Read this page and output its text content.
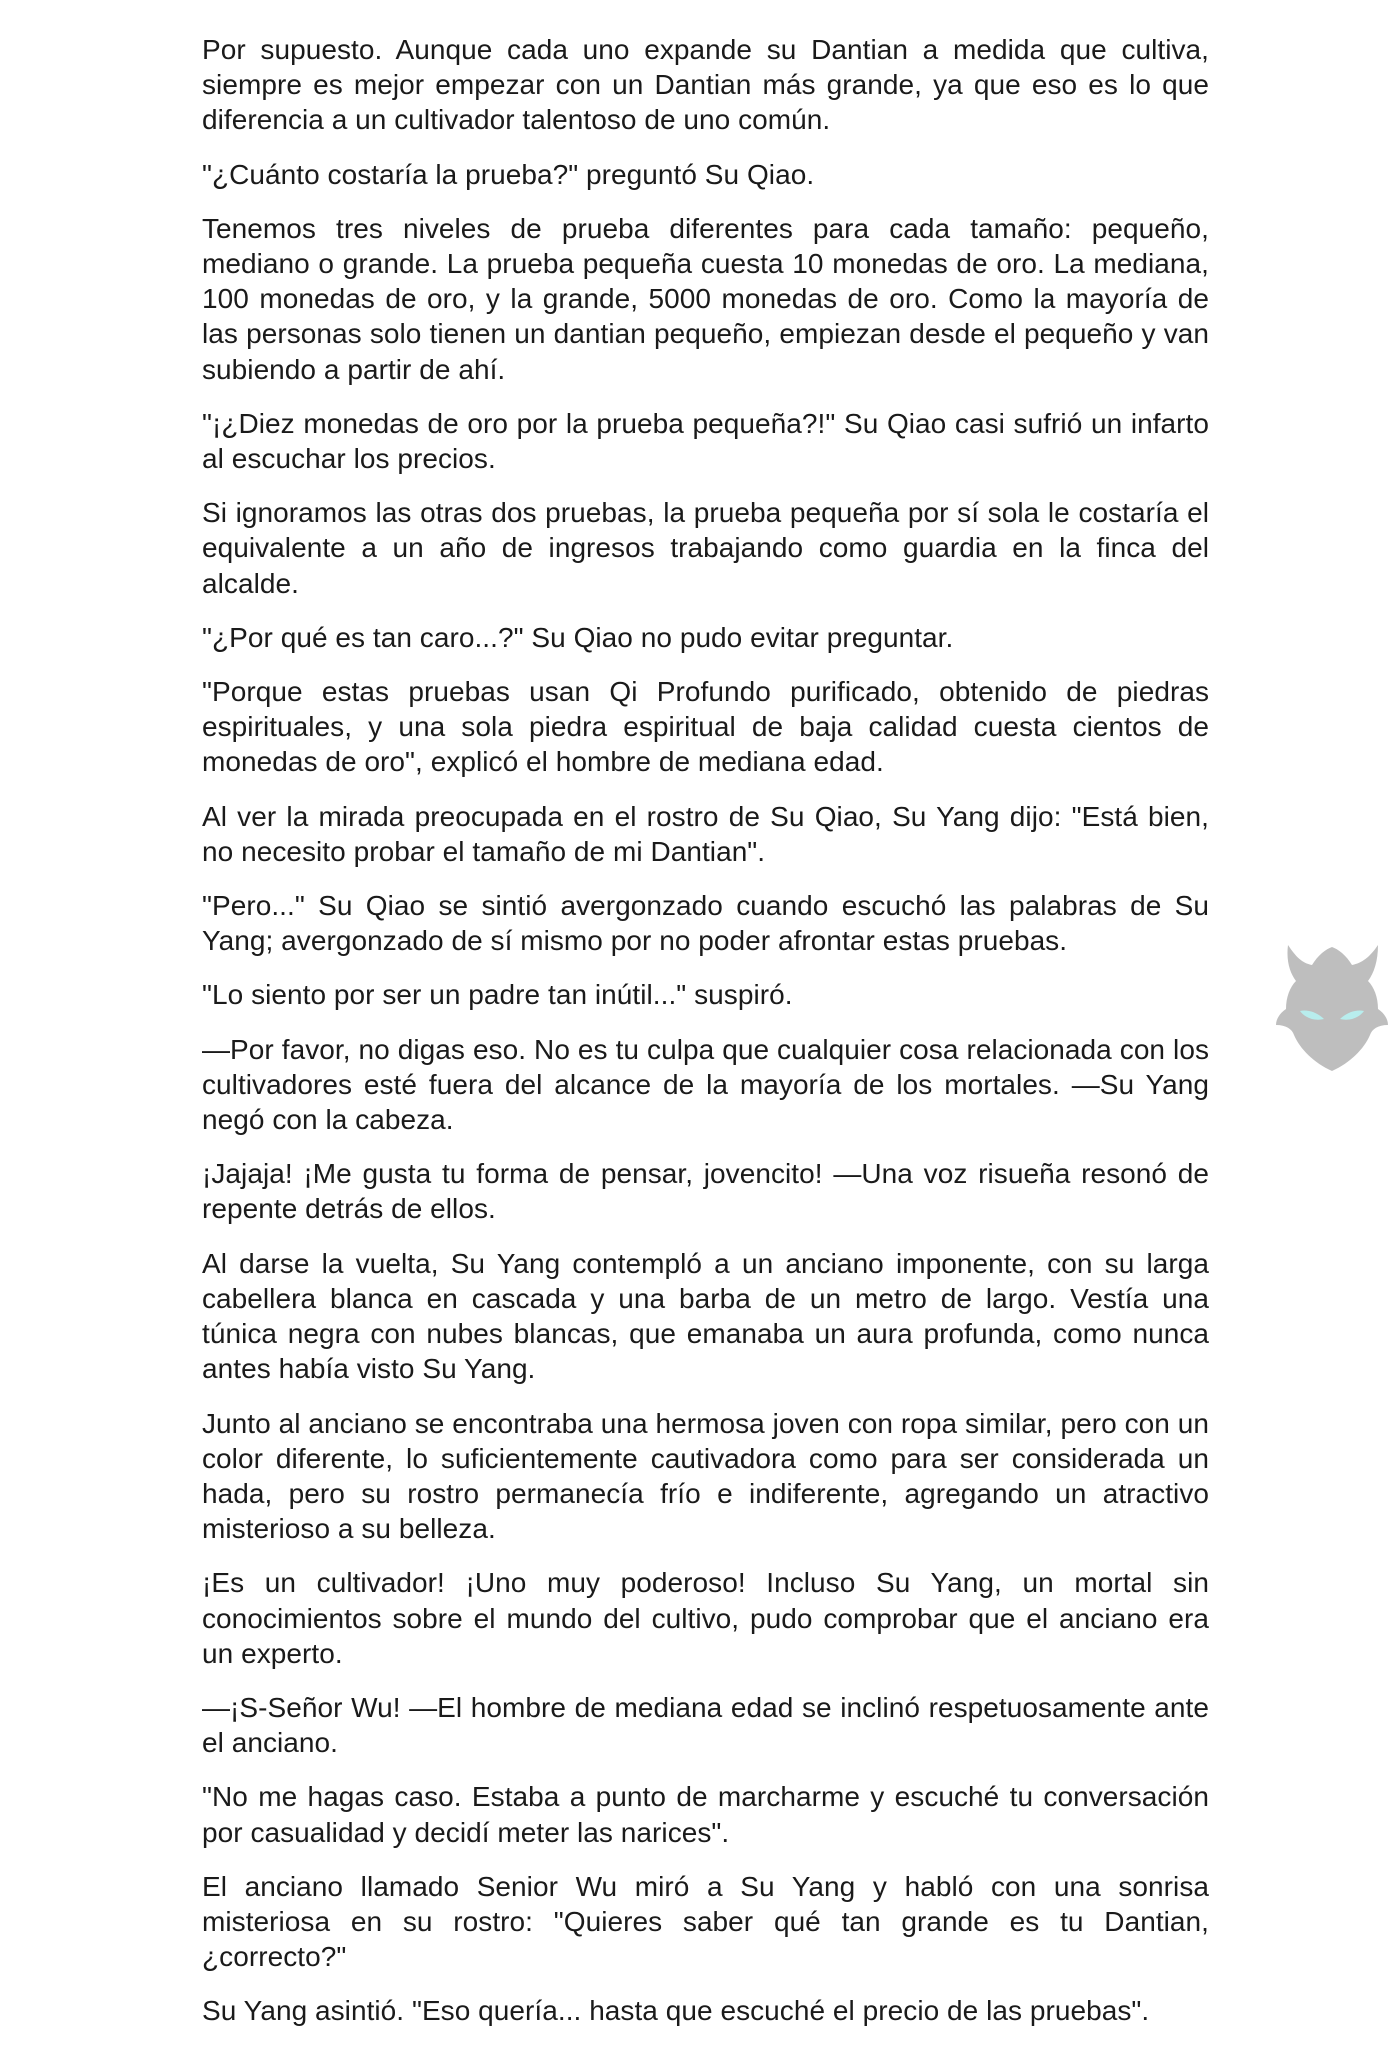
Por supuesto. Aunque cada uno expande su Dantian a medida que cultiva, siempre es mejor empezar con un Dantian más grande, ya que eso es lo que diferencia a un cultivador talentoso de uno común.

"¿Cuánto costaría la prueba?" preguntó Su Qiao.

Tenemos tres niveles de prueba diferentes para cada tamaño: pequeño, mediano o grande. La prueba pequeña cuesta 10 monedas de oro. La mediana, 100 monedas de oro, y la grande, 5000 monedas de oro. Como la mayoría de las personas solo tienen un dantian pequeño, empiezan desde el pequeño y van subiendo a partir de ahí.

"¡¿Diez monedas de oro por la prueba pequeña?!" Su Qiao casi sufrió un infarto al escuchar los precios.

Si ignoramos las otras dos pruebas, la prueba pequeña por sí sola le costaría el equivalente a un año de ingresos trabajando como guardia en la finca del alcalde.

"¿Por qué es tan caro...?" Su Qiao no pudo evitar preguntar.

"Porque estas pruebas usan Qi Profundo purificado, obtenido de piedras espirituales, y una sola piedra espiritual de baja calidad cuesta cientos de monedas de oro", explicó el hombre de mediana edad.

Al ver la mirada preocupada en el rostro de Su Qiao, Su Yang dijo: "Está bien, no necesito probar el tamaño de mi Dantian".

"Pero..." Su Qiao se sintió avergonzado cuando escuchó las palabras de Su Yang; avergonzado de sí mismo por no poder afrontar estas pruebas.

"Lo siento por ser un padre tan inútil..." suspiró.

—Por favor, no digas eso. No es tu culpa que cualquier cosa relacionada con los cultivadores esté fuera del alcance de la mayoría de los mortales. —Su Yang negó con la cabeza.

¡Jajaja! ¡Me gusta tu forma de pensar, jovencito! —Una voz risueña resonó de repente detrás de ellos.

Al darse la vuelta, Su Yang contempló a un anciano imponente, con su larga cabellera blanca en cascada y una barba de un metro de largo. Vestía una túnica negra con nubes blancas, que emanaba un aura profunda, como nunca antes había visto Su Yang.

Junto al anciano se encontraba una hermosa joven con ropa similar, pero con un color diferente, lo suficientemente cautivadora como para ser considerada un hada, pero su rostro permanecía frío e indiferente, agregando un atractivo misterioso a su belleza.

¡Es un cultivador! ¡Uno muy poderoso! Incluso Su Yang, un mortal sin conocimientos sobre el mundo del cultivo, pudo comprobar que el anciano era un experto.

—¡S-Señor Wu! —El hombre de mediana edad se inclinó respetuosamente ante el anciano.

"No me hagas caso. Estaba a punto de marcharme y escuché tu conversación por casualidad y decidí meter las narices".

El anciano llamado Senior Wu miró a Su Yang y habló con una sonrisa misteriosa en su rostro: "Quieres saber qué tan grande es tu Dantian, ¿correcto?"

Su Yang asintió. "Eso quería... hasta que escuché el precio de las pruebas".
